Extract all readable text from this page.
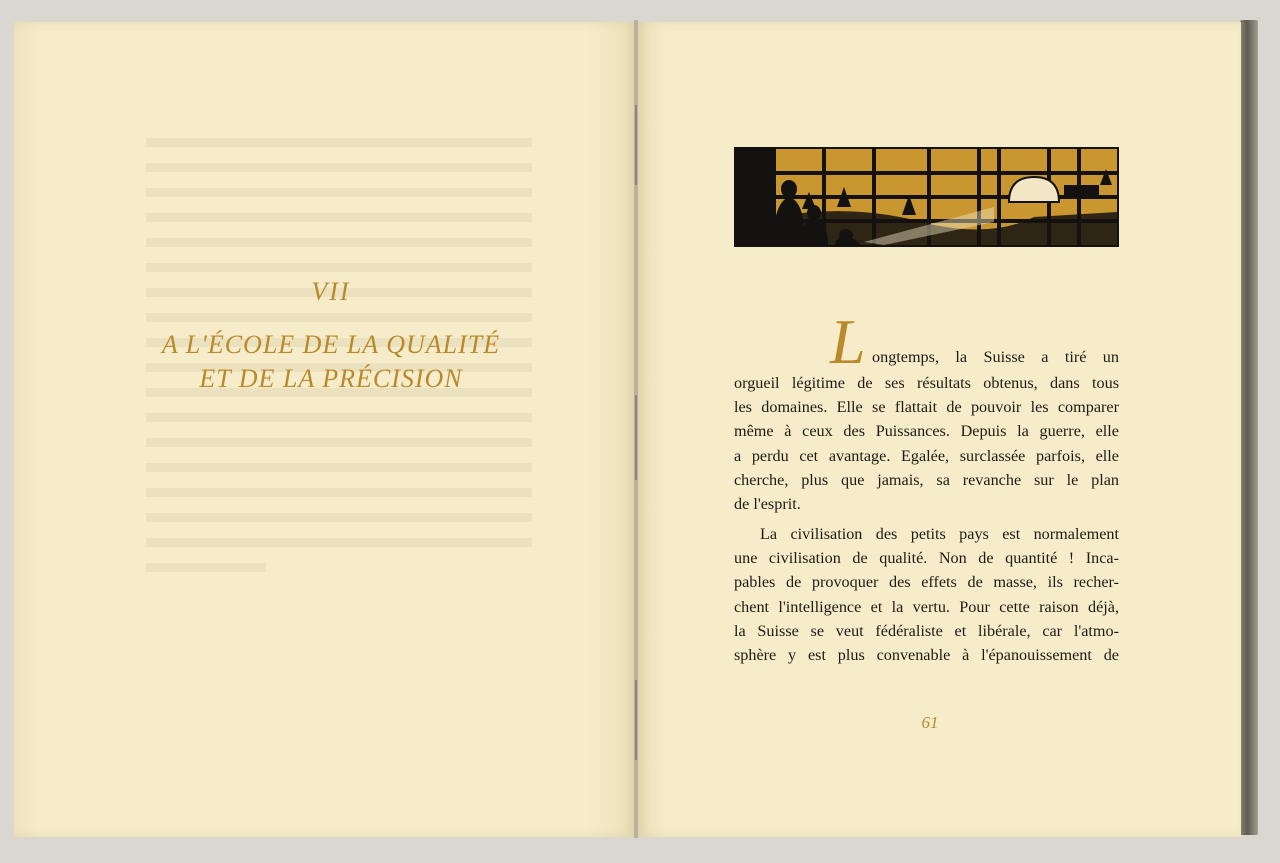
VII
A L'ÉCOLE DE LA QUALITÉ
ET DE LA PRÉCISION
L ongtemps, la Suisse a tiré un
orgueil légitime de ses résultats obtenus, dans tous
les domaines. Elle se flattait de pouvoir les comparer
même à ceux des Puissances. Depuis la guerre, elle
a perdu cet avantage. Egalée, surclassée parfois, elle
cherche, plus que jamais, sa revanche sur le plan
de l'esprit.
La civilisation des petits pays est normalement
une civilisation de qualité. Non de quantité ! Inca-
pables de provoquer des effets de masse, ils recher-
chent l'intelligence et la vertu. Pour cette raison déjà,
la Suisse se veut fédéraliste et libérale, car l'atmo-
sphère y est plus convenable à l'épanouissement de
61
